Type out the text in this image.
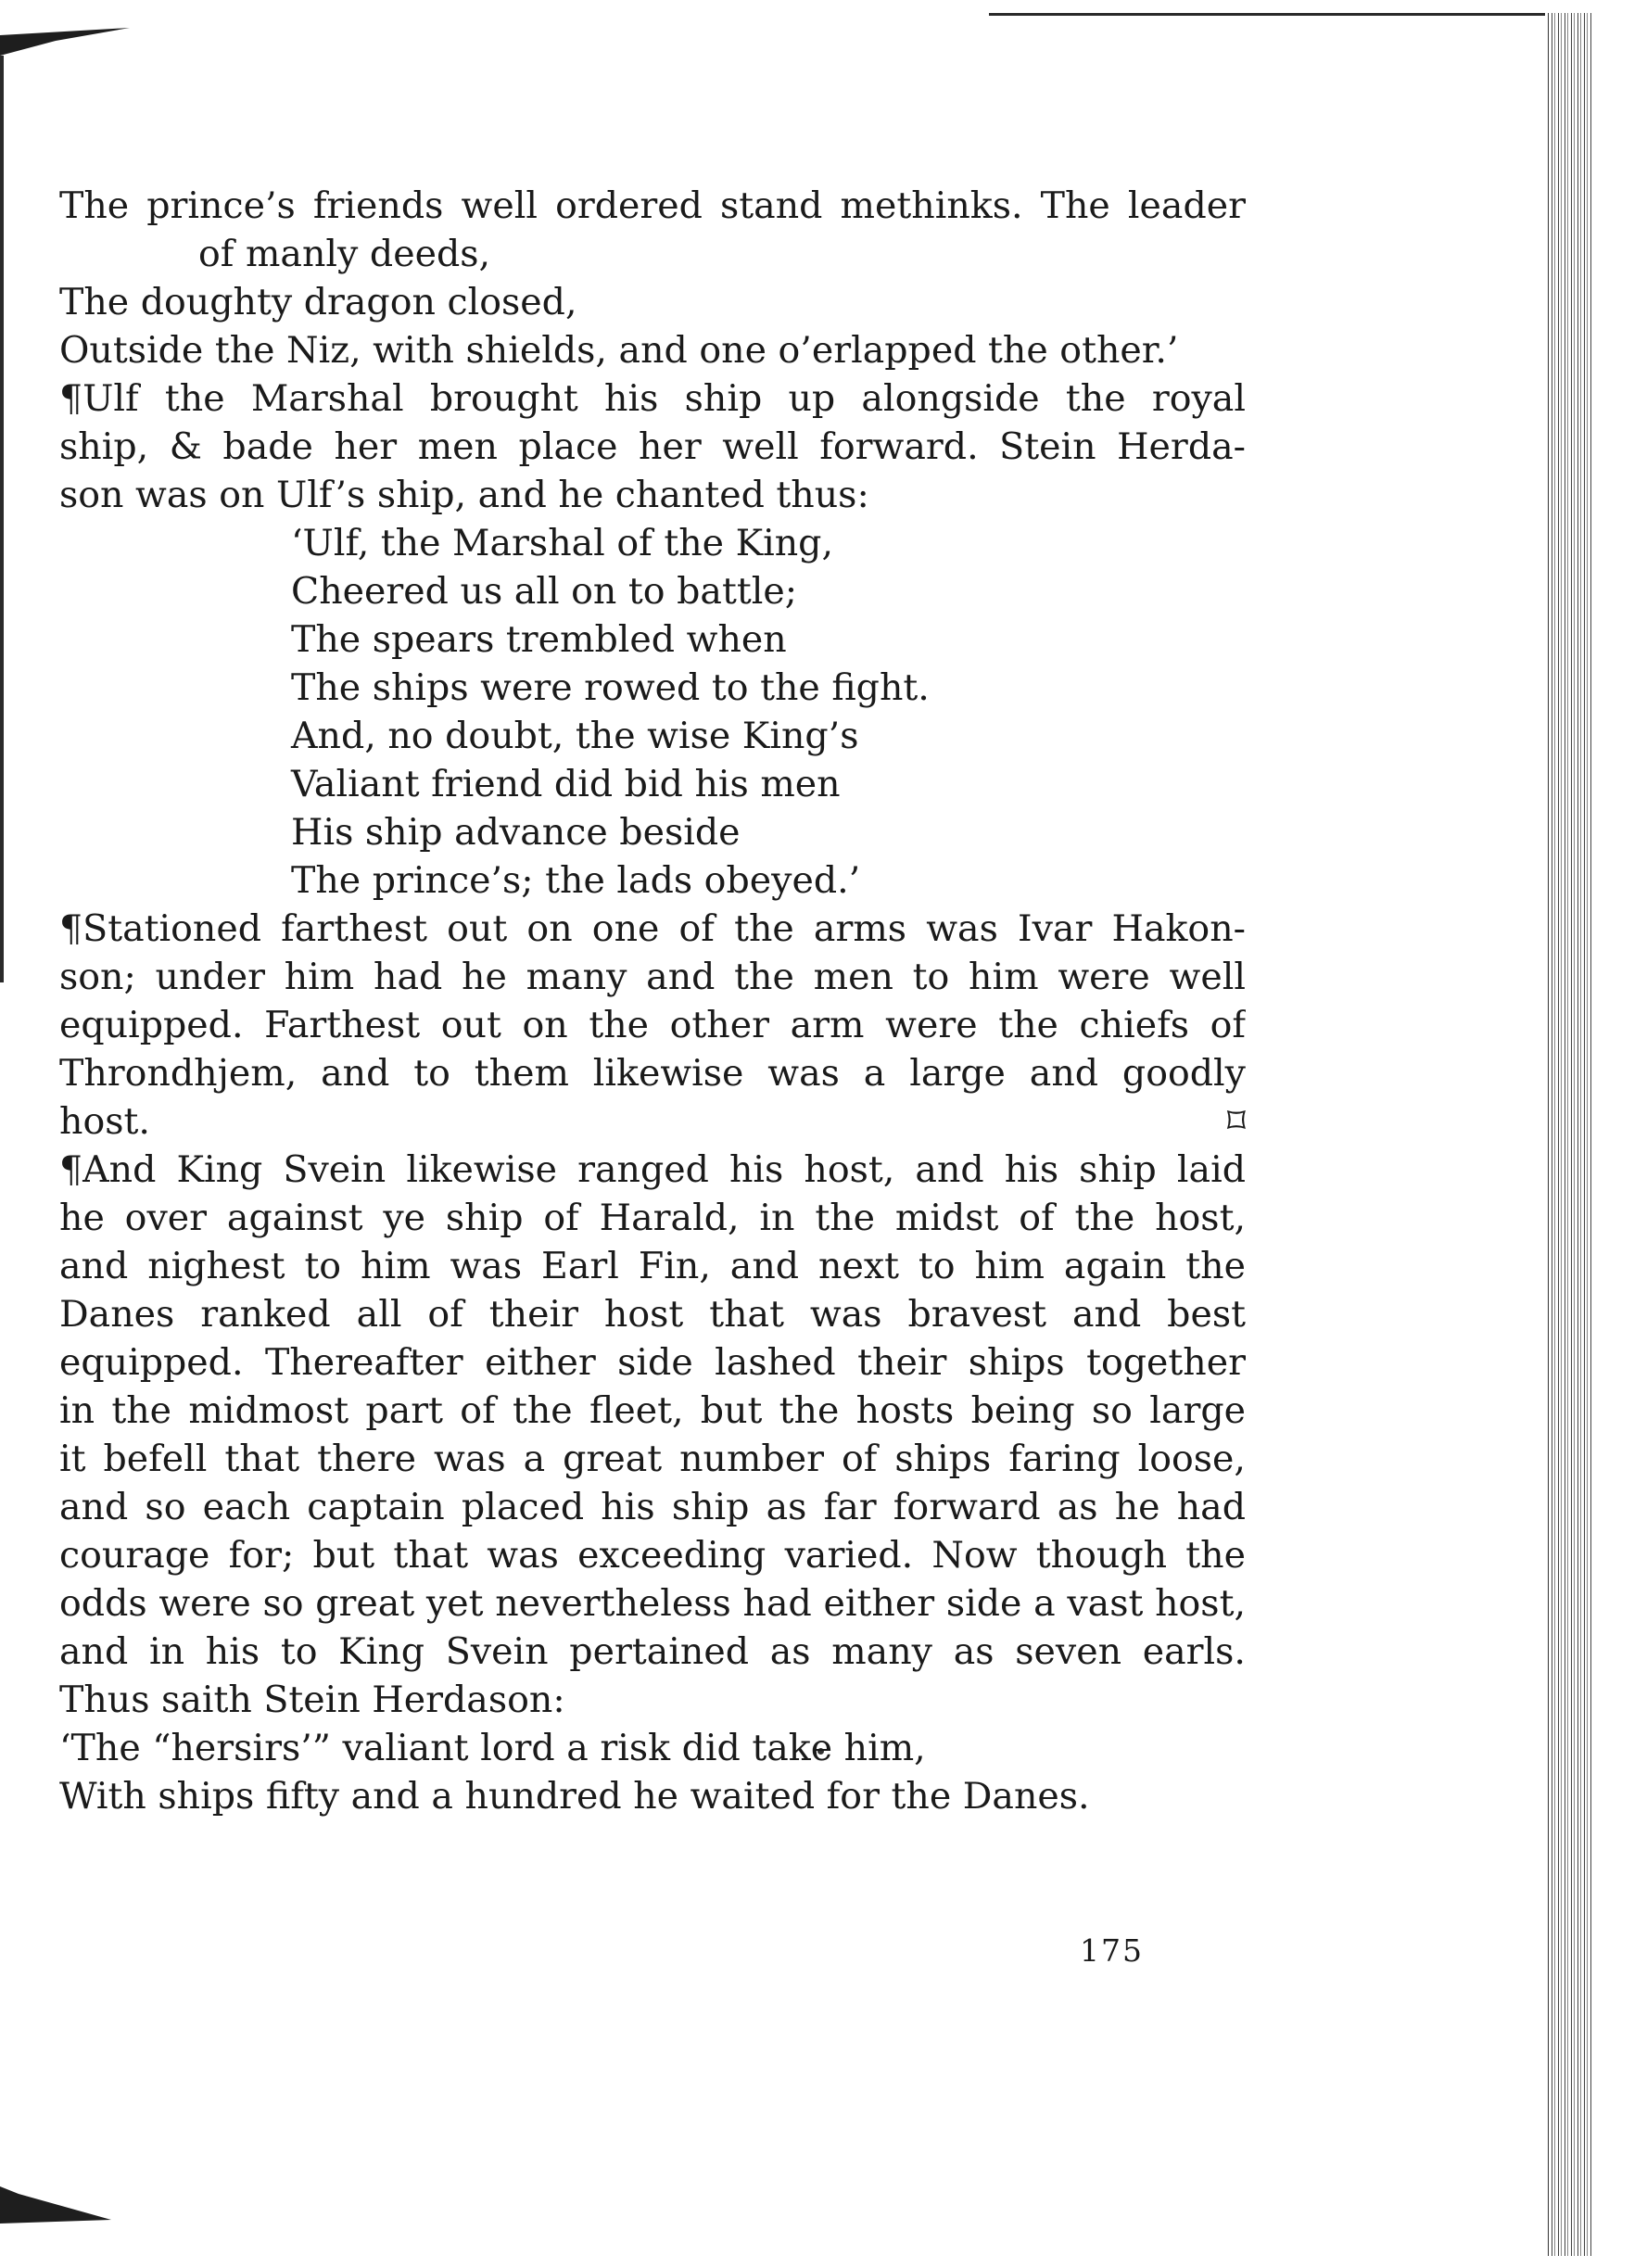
The prince’s friends well ordered stand methinks. The leader
of manly deeds,
The doughty dragon closed,
Outside the Niz, with shields, and one o’erlapped the other.’
¶Ulf the Marshal brought his ship up alongside the royal
ship, & bade her men place her well forward. Stein Herda-
son was on Ulf’s ship, and he chanted thus:
‘Ulf, the Marshal of the King,
Cheered us all on to battle;
The spears trembled when
The ships were rowed to the fight.
And, no doubt, the wise King’s
Valiant friend did bid his men
His ship advance beside
The prince’s; the lads obeyed.’
¶Stationed farthest out on one of the arms was Ivar Hakon-
son; under him had he many and the men to him were well
equipped. Farthest out on the other arm were the chiefs of
Throndhjem, and to them likewise was a large and goodly
host.	⌑
¶And King Svein likewise ranged his host, and his ship laid
he over against ye ship of Harald, in the midst of the host,
and nighest to him was Earl Fin, and next to him again the
Danes ranked all of their host that was bravest and best
equipped. Thereafter either side lashed their ships together
in the midmost part of the fleet, but the hosts being so large
it befell that there was a great number of ships faring loose,
and so each captain placed his ship as far forward as he had
courage for; but that was exceeding varied. Now though the
odds were so great yet nevertheless had either side a vast host,
and in his to King Svein pertained as many as seven earls.
Thus saith Stein Herdason:
‘The “hersirs’” valiant lord a risk did take him,
With ships fifty and a hundred he waited for the Danes.
175
